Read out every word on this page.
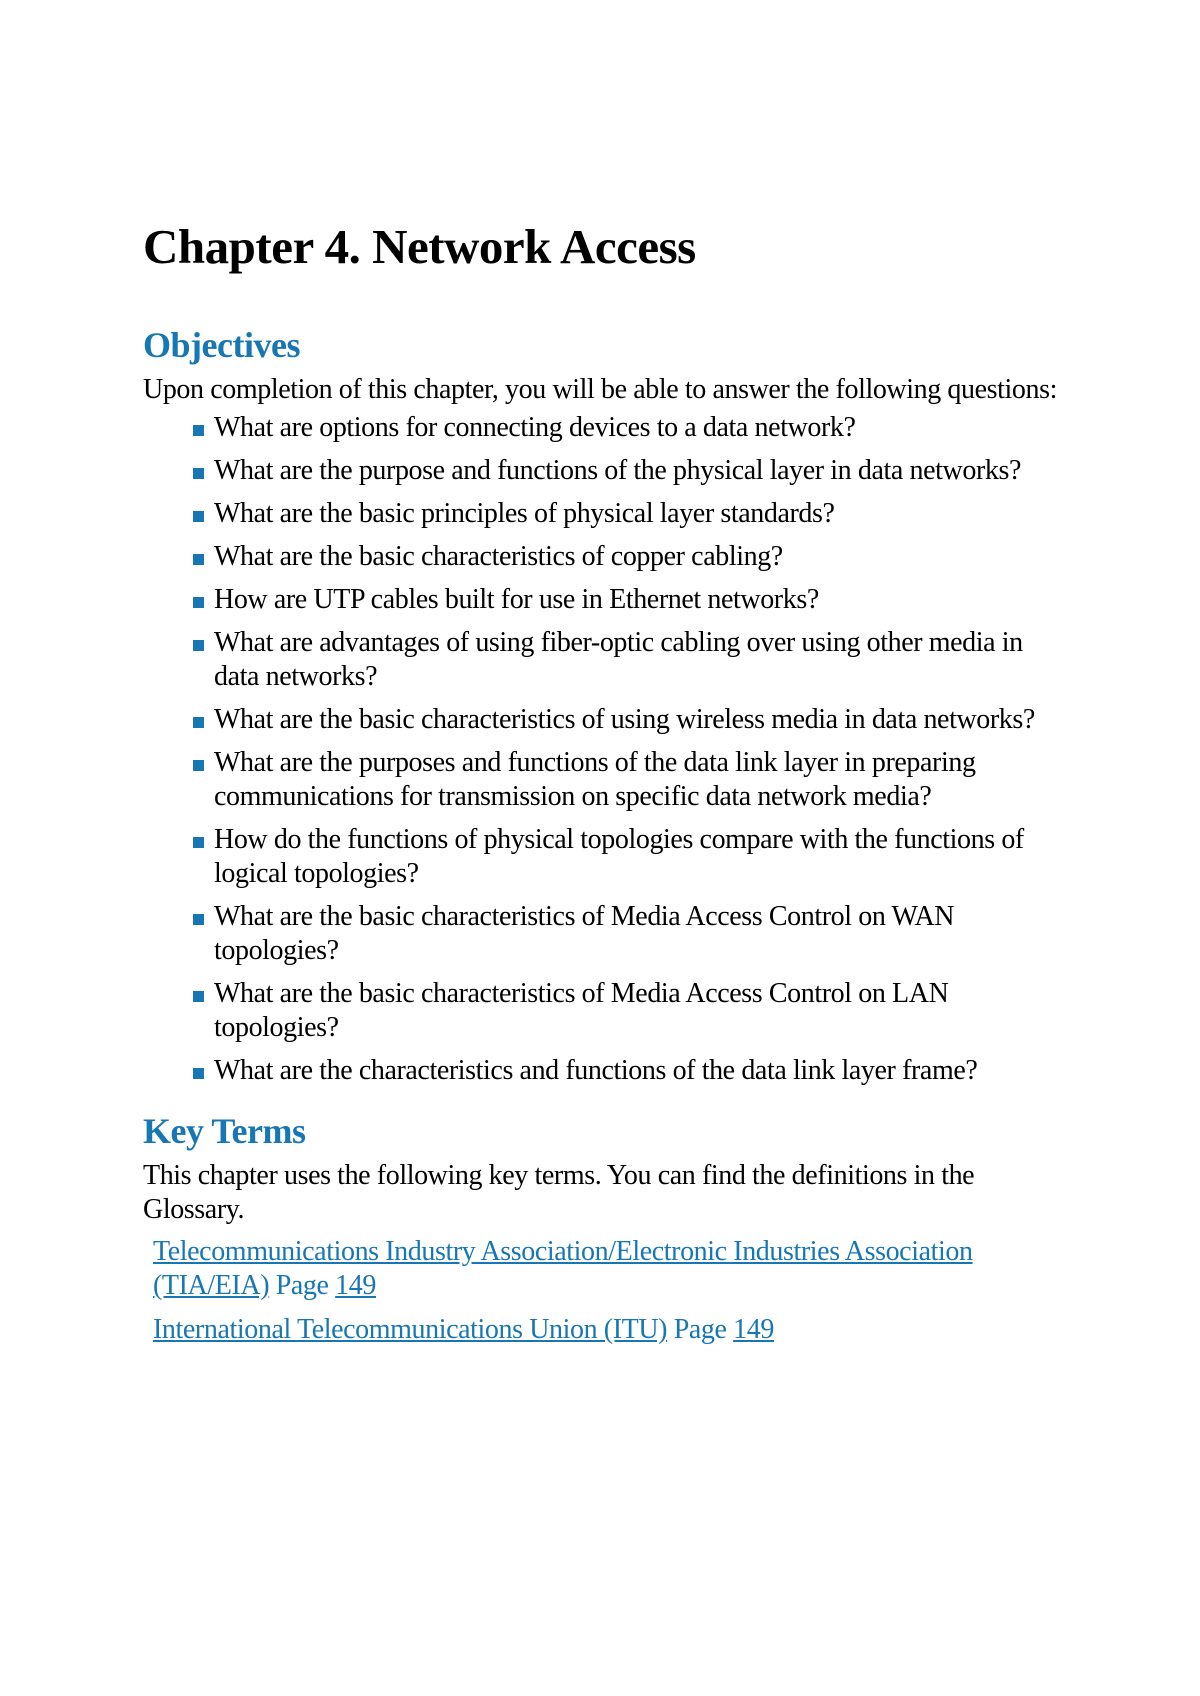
Chapter 4. Network Access
Objectives

Upon completion of this chapter, you will be able to answer the following questions:

What are options for connecting devices to a data network?
What are the purpose and functions of the physical layer in data networks?
What are the basic principles of physical layer standards?
What are the basic characteristics of copper cabling?
How are UTP cables built for use in Ethernet networks?
What are advantages of using fiber-optic cabling over using other media in data networks?
What are the basic characteristics of using wireless media in data networks?
What are the purposes and functions of the data link layer in preparing communications for transmission on specific data network media?
How do the functions of physical topologies compare with the functions of logical topologies?
What are the basic characteristics of Media Access Control on WAN topologies?
What are the basic characteristics of Media Access Control on LAN topologies?
What are the characteristics and functions of the data link layer frame?
Key Terms

This chapter uses the following key terms. You can find the definitions in the Glossary.

Telecommunications Industry Association/Electronic Industries Association (TIA/EIA) Page 149
International Telecommunications Union (ITU) Page 149
